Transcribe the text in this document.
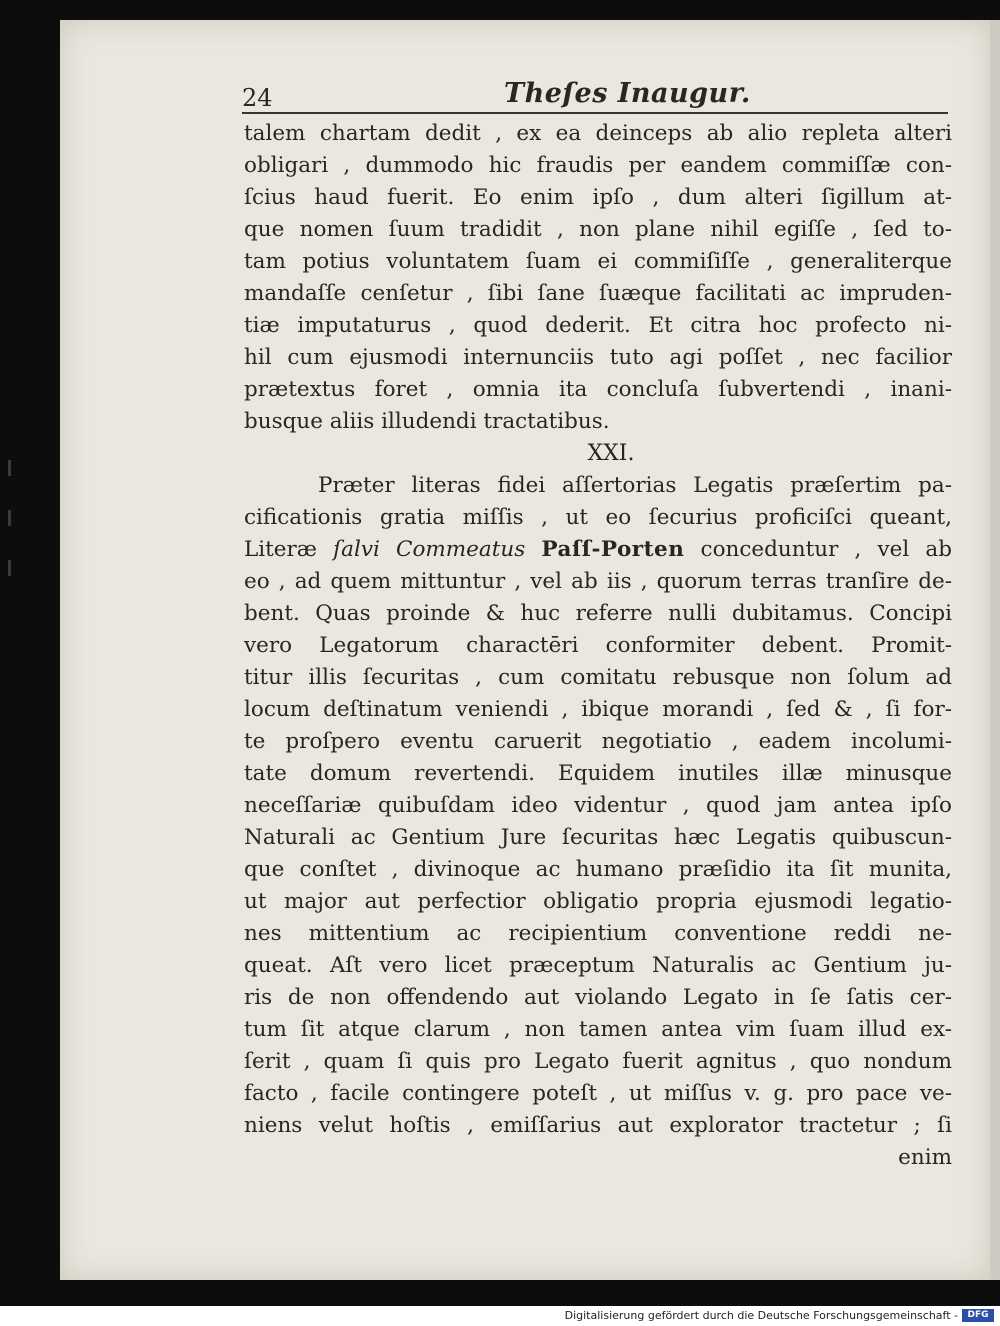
24	Theſes Inaugur.
talem chartam dedit , ex ea deinceps ab alio repleta alteri
obligari , dummodo hic fraudis per eandem commiſſæ con-
ſcius haud fuerit. Eo enim ipſo , dum alteri ſigillum at-
que nomen ſuum tradidit , non plane nihil egiſſe , ſed to-
tam potius voluntatem ſuam ei commiſiſſe , generaliterque
mandaſſe cenſetur , ſibi ſane ſuæque facilitati ac impruden-
tiæ imputaturus , quod dederit. Et citra hoc profecto ni-
hil cum ejusmodi internunciis tuto agi poſſet , nec facilior
prætextus foret , omnia ita concluſa ſubvertendi , inani-
busque aliis illudendi tractatibus.
XXI.
Præter literas fidei aſſertorias Legatis præſertim pa-
cificationis gratia miſſis , ut eo ſecurius proficiſci queant,
Literæ ſalvi Commeatus Paſſ-Porten conceduntur , vel ab
eo , ad quem mittuntur , vel ab iis , quorum terras tranſire de-
bent. Quas proinde & huc referre nulli dubitamus. Concipi
vero Legatorum charactēri conformiter debent. Promit-
titur illis ſecuritas , cum comitatu rebusque non ſolum ad
locum deſtinatum veniendi , ibique morandi , ſed & , ſi for-
te proſpero eventu caruerit negotiatio , eadem incolumi-
tate domum revertendi. Equidem inutiles illæ minusque
neceſſariæ quibuſdam ideo videntur , quod jam antea ipſo
Naturali ac Gentium Jure ſecuritas hæc Legatis quibuscun-
que conſtet , divinoque ac humano præſidio ita ſit munita,
ut major aut perfectior obligatio propria ejusmodi legatio-
nes mittentium ac recipientium conventione reddi ne-
queat. Aſt vero licet præceptum Naturalis ac Gentium ju-
ris de non offendendo aut violando Legato in ſe ſatis cer-
tum ſit atque clarum , non tamen antea vim ſuam illud ex-
ſerit , quam ſi quis pro Legato fuerit agnitus , quo nondum
facto , facile contingere poteſt , ut miſſus v. g. pro pace ve-
niens velut hoſtis , emiſſarius aut explorator tractetur ; ſi
enim
Digitalisierung gefördert durch die Deutsche Forschungsgemeinschaft -	DFG
